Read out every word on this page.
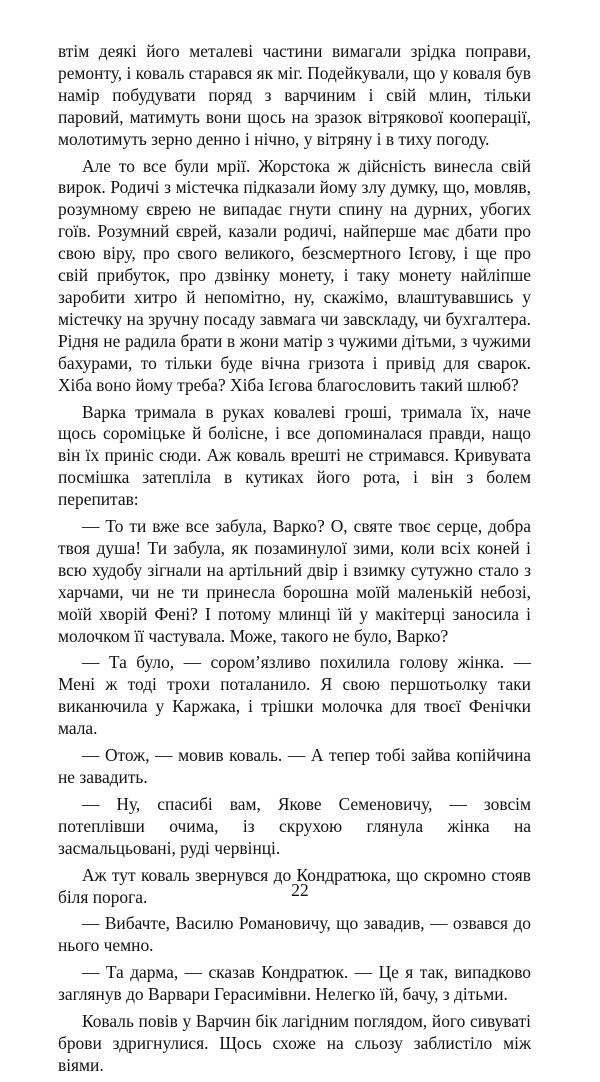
втім деякі його металеві частини вимагали зрідка поправи, ремонту, і коваль старався як міг. Подейкували, що у коваля був намір побудувати поряд з варчиним і свій млин, тільки паровий, матимуть вони щось на зразок вітрякової кооперації, молотимуть зерно денно і нічно, у вітряну і в тиху погоду.

Але то все були мрії. Жорстока ж дійсність винесла свій вирок. Родичі з містечка підказали йому злу думку, що, мовляв, розумному єврею не випадає гнути спину на дурних, убогих гоїв. Розумний єврей, казали родичі, найперше має дбати про свою віру, про свого великого, безсмертного Ієгову, і ще про свій прибуток, про дзвінку монету, і таку монету найліпше заробити хитро й непомітно, ну, скажімо, влаштувавшись у містечку на зручну посаду завмага чи завскладу, чи бухгалтера. Рідня не радила брати в жони матір з чужими дітьми, з чужими бахурами, то тільки буде вічна гризота і привід для сварок. Хіба воно йому треба? Хіба Ієгова благословить такий шлюб?

Варка тримала в руках ковалеві гроші, тримала їх, наче щось сороміцьке й болісне, і все допоминалася правди, нащо він їх приніс сюди. Аж коваль врешті не стримався. Кривувата посмішка затепліла в кутиках його рота, і він з болем перепитав:

— То ти вже все забула, Варко? О, святе твоє серце, добра твоя душа! Ти забула, як позаминулої зими, коли всіх коней і всю худобу зігнали на артільний двір і взимку сутужно стало з харчами, чи не ти принесла борошна моїй маленькій небозі, моїй хворій Фені? І потому млинці їй у макітерці заносила і молочком її частувала. Може, такого не було, Варко?

— Та було, — сором’язливо похилила голову жінка. — Мені ж тоді трохи поталанило. Я свою першотьолку таки виканючила у Каржака, і трішки молочка для твоєї Фенічки мала.

— Отож, — мовив коваль. — А тепер тобі зайва копійчина не завадить.

— Ну, спасибі вам, Якове Семеновичу, — зовсім потеплівши очима, із скрухою глянула жінка на засмальцьовані, руді червінці.

Аж тут коваль звернувся до Кондратюка, що скромно стояв біля порога.

— Вибачте, Василю Романовичу, що завадив, — озвався до нього чемно.

— Та дарма, — сказав Кондратюк. — Це я так, випадково заглянув до Варвари Герасимівни. Нелегко їй, бачу, з дітьми.

Коваль повів у Варчин бік лагідним поглядом, його сивуваті брови здригнулися. Щось схоже на сльозу заблистіло між віями.

22
